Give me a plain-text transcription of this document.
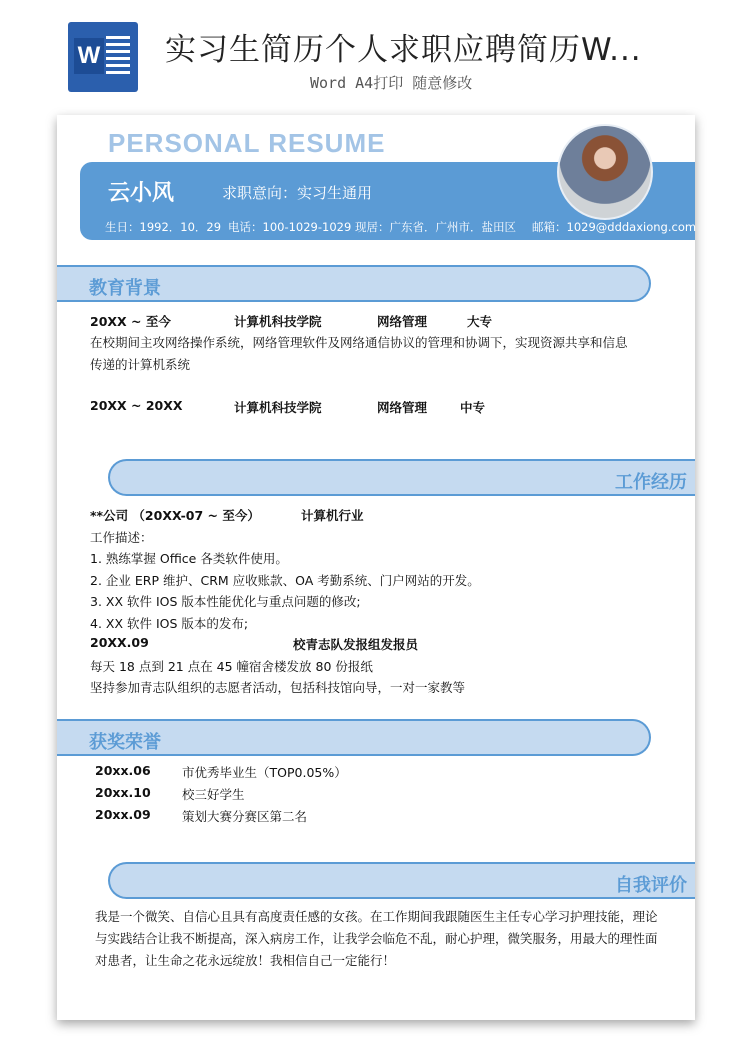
W 实习生简历个人求职应聘简历W...
Word A4打印 随意修改
PERSONAL RESUME
云小风	求职意向：实习生通用
生日：1992．10．29 电话：100-1029-1029 现居：广东省．广州市．盐田区 邮箱：1029@dddaxiong.com
教育背景
20XX ~ 至今	计算机科技学院	网络管理	大专
在校期间主攻网络操作系统，网络管理软件及网络通信协议的管理和协调下，实现资源共享和信息
传递的计算机系统
20XX ~ 20XX	计算机科技学院	网络管理	中专
工作经历
**公司 （20XX-07 ~ 至今）	计算机行业
工作描述：
1. 熟练掌握 Office 各类软件使用。
2. 企业 ERP 维护、CRM 应收账款、OA 考勤系统、门户网站的开发。
3. XX 软件 IOS 版本性能优化与重点问题的修改;
4. XX 软件 IOS 版本的发布;
20XX.09	校青志队发报组发报员
每天 18 点到 21 点在 45 幢宿舍楼发放 80 份报纸
坚持参加青志队组织的志愿者活动，包括科技馆向导，一对一家教等
获奖荣誉
20xx.06	市优秀毕业生（TOP0.05%）
20xx.10	校三好学生
20xx.09	策划大赛分赛区第二名
自我评价
我是一个微笑、自信心且具有高度责任感的女孩。在工作期间我跟随医生主任专心学习护理技能，理论
与实践结合让我不断提高，深入病房工作，让我学会临危不乱，耐心护理，微笑服务，用最大的理性面
对患者，让生命之花永远绽放！我相信自己一定能行！
